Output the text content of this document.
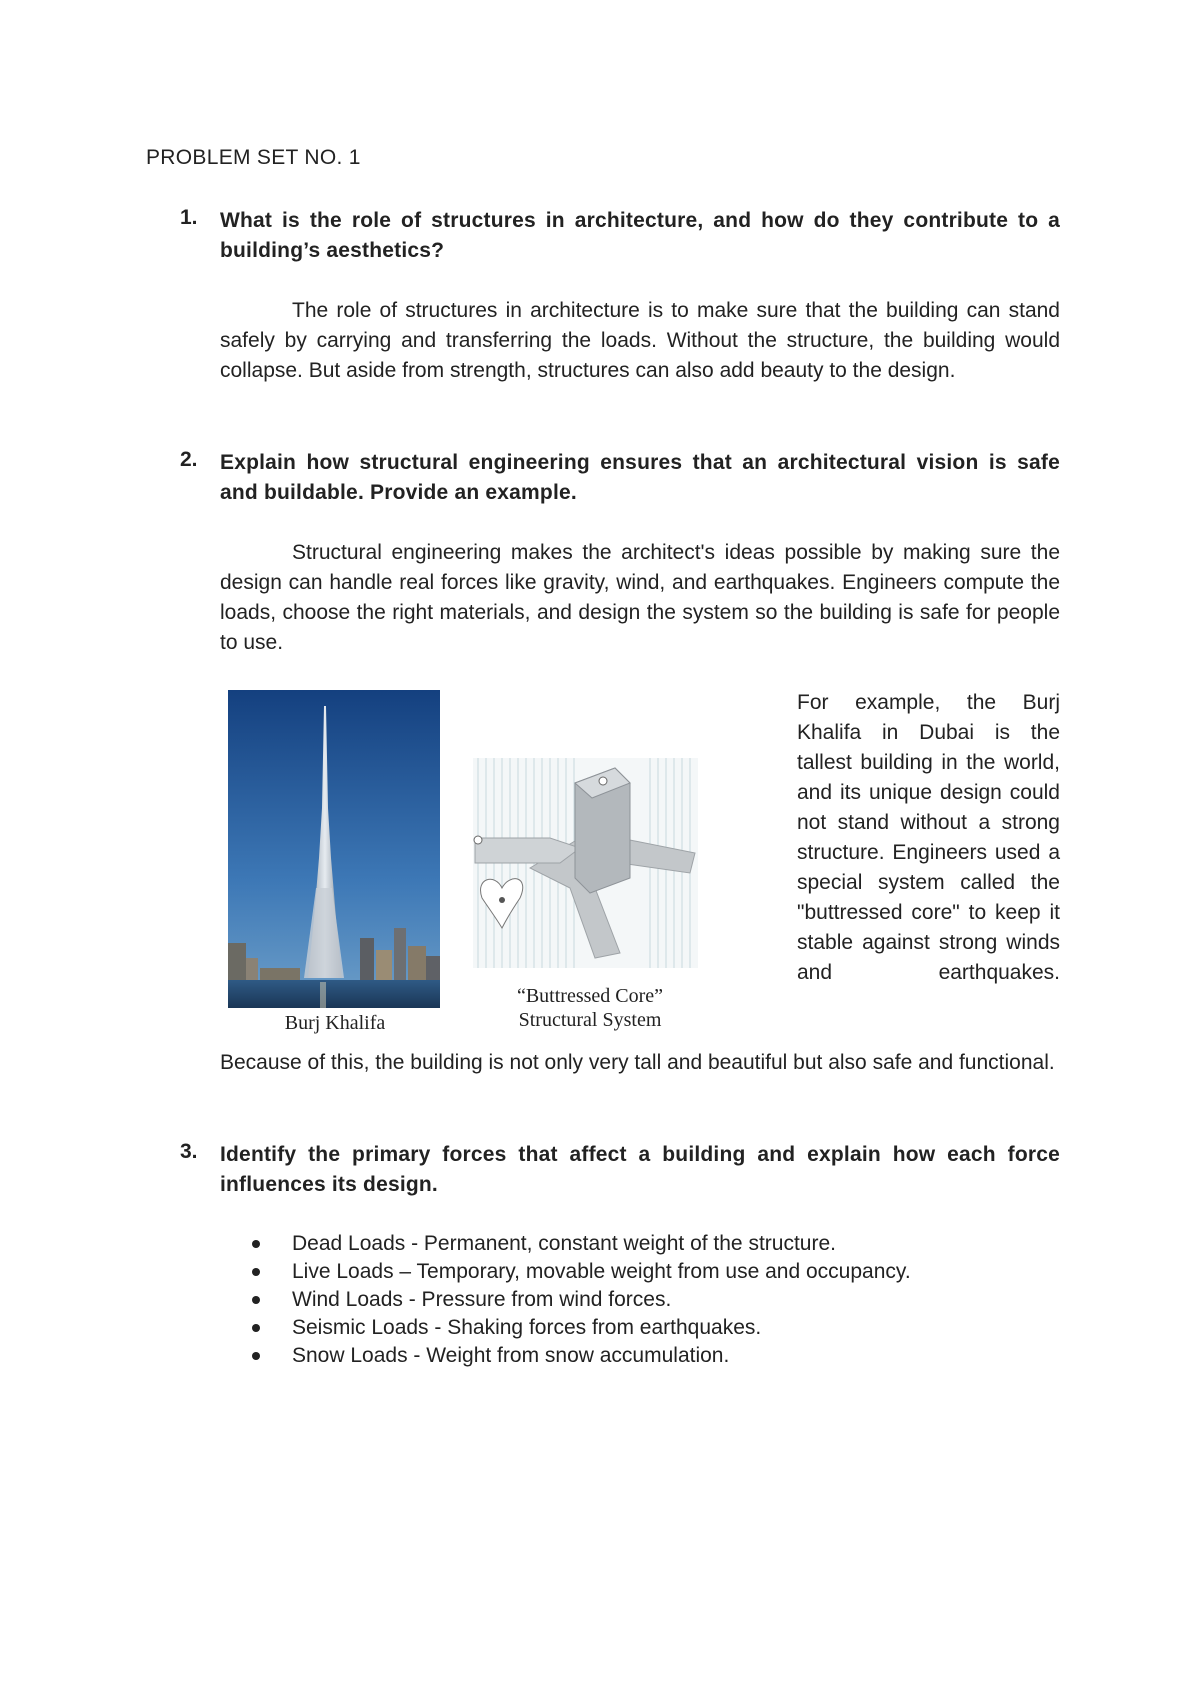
PROBLEM SET NO. 1
1. What is the role of structures in architecture, and how do they contribute to a building’s aesthetics?
The role of structures in architecture is to make sure that the building can stand safely by carrying and transferring the loads. Without the structure, the building would collapse. But aside from strength, structures can also add beauty to the design.
2. Explain how structural engineering ensures that an architectural vision is safe and buildable. Provide an example.
Structural engineering makes the architect's ideas possible by making sure the design can handle real forces like gravity, wind, and earthquakes. Engineers compute the loads, choose the right materials, and design the system so the building is safe for people to use.
Burj Khalifa
“Buttressed Core”
Structural System
For example, the Burj Khalifa in Dubai is the tallest building in the world, and its unique design could not stand without a strong structure. Engineers used a special system called the "buttressed core" to keep it stable against strong winds and earthquakes.
Because of this, the building is not only very tall and beautiful but also safe and functional.
3. Identify the primary forces that affect a building and explain how each force influences its design.
Dead Loads - Permanent, constant weight of the structure.
Live Loads – Temporary, movable weight from use and occupancy.
Wind Loads - Pressure from wind forces.
Seismic Loads - Shaking forces from earthquakes.
Snow Loads - Weight from snow accumulation.
